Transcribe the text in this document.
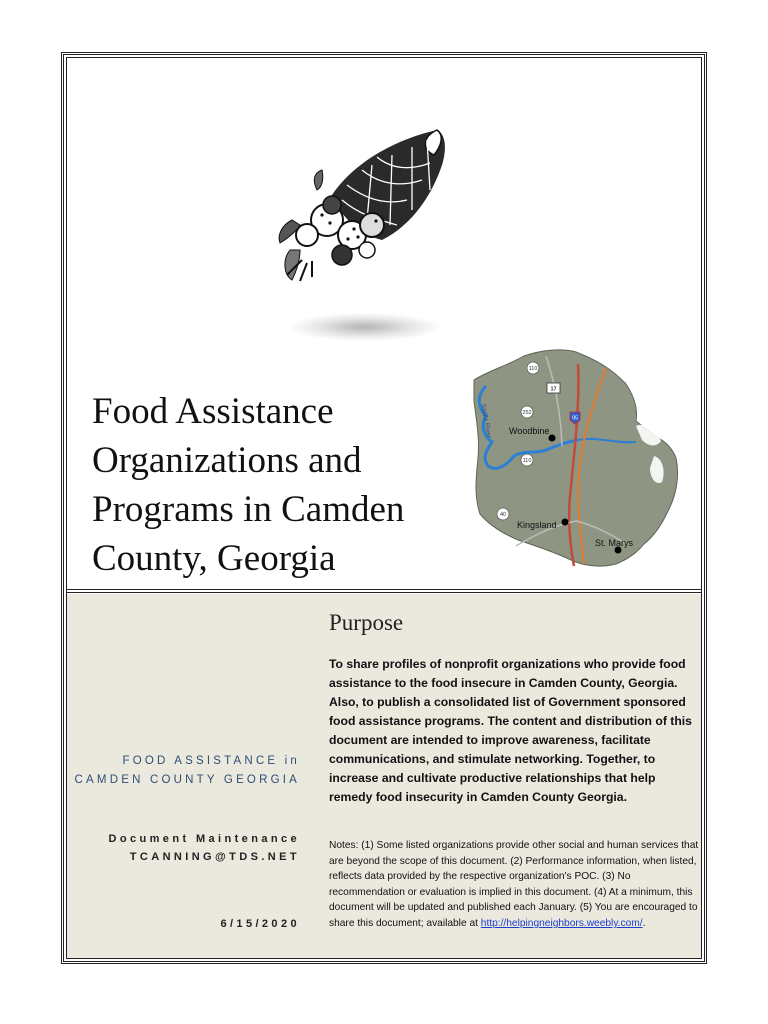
Food Assistance
Organizations and
Programs in Camden
County, Georgia
Woodbine
Kingsland
St. Marys
Satilla River
110
17
252
95
110
40
FOOD ASSISTANCE in
CAMDEN COUNTY GEORGIA
Document Maintenance
TCANNING@TDS.NET
6/15/2020
Purpose
To share profiles of nonprofit organizations who provide food assistance to the food insecure in Camden County, Georgia. Also, to publish a consolidated list of Government sponsored food assistance programs. The content and distribution of this document are intended to improve awareness, facilitate communications, and stimulate networking. Together, to increase and cultivate productive relationships that help remedy food insecurity in Camden County Georgia.
Notes: (1) Some listed organizations provide other social and human services that are beyond the scope of this document. (2) Performance information, when listed, reflects data provided by the respective organization's POC. (3) No recommendation or evaluation is implied in this document. (4) At a minimum, this document will be updated and published each January. (5) You are encouraged to share this document; available at http://helpingneighbors.weebly.com/.
